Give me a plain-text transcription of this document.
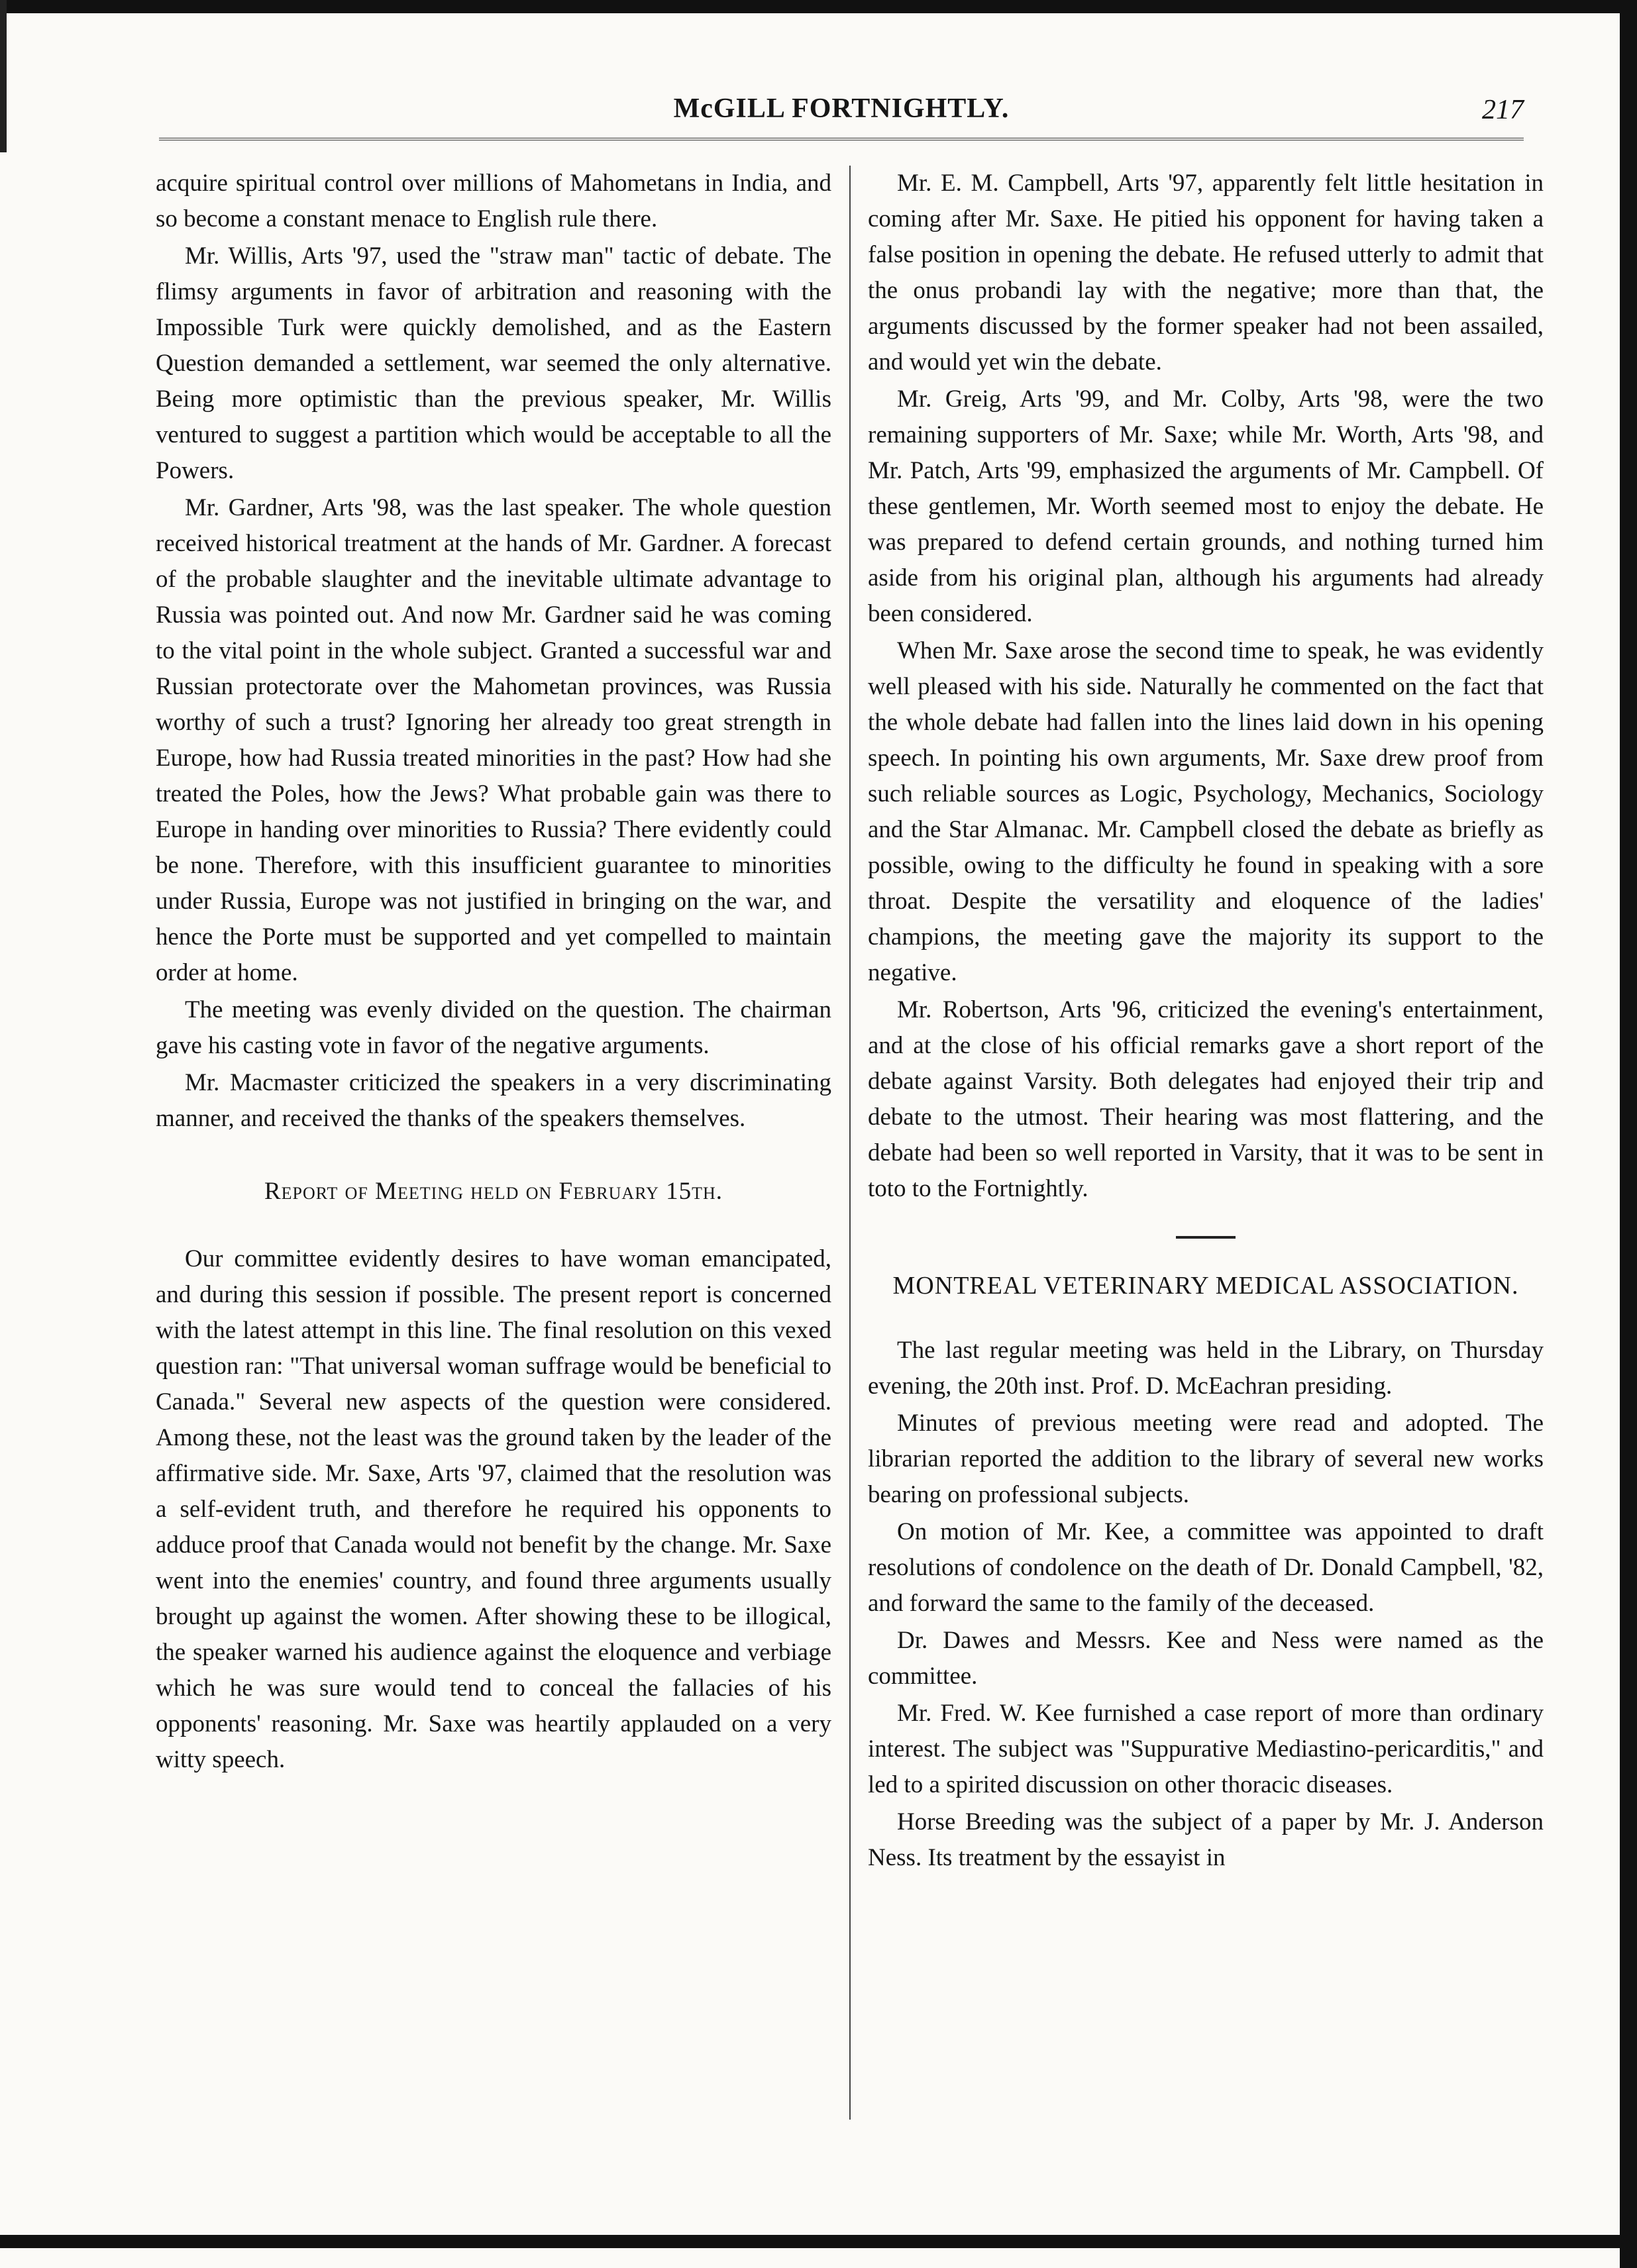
McGILL FORTNIGHTLY.	217

acquire spiritual control over millions of Mahometans in India, and so become a constant menace to English rule there.

Mr. Willis, Arts '97, used the "straw man" tactic of debate. The flimsy arguments in favor of arbitration and reasoning with the Impossible Turk were quickly demolished, and as the Eastern Question demanded a settlement, war seemed the only alternative. Being more optimistic than the previous speaker, Mr. Willis ventured to suggest a partition which would be acceptable to all the Powers.

Mr. Gardner, Arts '98, was the last speaker. The whole question received historical treatment at the hands of Mr. Gardner. A forecast of the probable slaughter and the inevitable ultimate advantage to Russia was pointed out. And now Mr. Gardner said he was coming to the vital point in the whole subject. Granted a successful war and Russian protectorate over the Mahometan provinces, was Russia worthy of such a trust? Ignoring her already too great strength in Europe, how had Russia treated minorities in the past? How had she treated the Poles, how the Jews? What probable gain was there to Europe in handing over minorities to Russia? There evidently could be none. Therefore, with this insufficient guarantee to minorities under Russia, Europe was not justified in bringing on the war, and hence the Porte must be supported and yet compelled to maintain order at home.

The meeting was evenly divided on the question. The chairman gave his casting vote in favor of the negative arguments.

Mr. Macmaster criticized the speakers in a very discriminating manner, and received the thanks of the speakers themselves.

Report of Meeting held on February 15th.

Our committee evidently desires to have woman emancipated, and during this session if possible. The present report is concerned with the latest attempt in this line. The final resolution on this vexed question ran: "That universal woman suffrage would be beneficial to Canada." Several new aspects of the question were considered. Among these, not the least was the ground taken by the leader of the affirmative side. Mr. Saxe, Arts '97, claimed that the resolution was a self-evident truth, and therefore he required his opponents to adduce proof that Canada would not benefit by the change. Mr. Saxe went into the enemies' country, and found three arguments usually brought up against the women. After showing these to be illogical, the speaker warned his audience against the eloquence and verbiage which he was sure would tend to conceal the fallacies of his opponents' reasoning. Mr. Saxe was heartily applauded on a very witty speech.

Mr. E. M. Campbell, Arts '97, apparently felt little hesitation in coming after Mr. Saxe. He pitied his opponent for having taken a false position in opening the debate. He refused utterly to admit that the onus probandi lay with the negative; more than that, the arguments discussed by the former speaker had not been assailed, and would yet win the debate.

Mr. Greig, Arts '99, and Mr. Colby, Arts '98, were the two remaining supporters of Mr. Saxe; while Mr. Worth, Arts '98, and Mr. Patch, Arts '99, emphasized the arguments of Mr. Campbell. Of these gentlemen, Mr. Worth seemed most to enjoy the debate. He was prepared to defend certain grounds, and nothing turned him aside from his original plan, although his arguments had already been considered.

When Mr. Saxe arose the second time to speak, he was evidently well pleased with his side. Naturally he commented on the fact that the whole debate had fallen into the lines laid down in his opening speech. In pointing his own arguments, Mr. Saxe drew proof from such reliable sources as Logic, Psychology, Mechanics, Sociology and the Star Almanac. Mr. Campbell closed the debate as briefly as possible, owing to the difficulty he found in speaking with a sore throat. Despite the versatility and eloquence of the ladies' champions, the meeting gave the majority its support to the negative.

Mr. Robertson, Arts '96, criticized the evening's entertainment, and at the close of his official remarks gave a short report of the debate against Varsity. Both delegates had enjoyed their trip and debate to the utmost. Their hearing was most flattering, and the debate had been so well reported in Varsity, that it was to be sent in toto to the Fortnightly.

MONTREAL VETERINARY MEDICAL ASSOCIATION.

The last regular meeting was held in the Library, on Thursday evening, the 20th inst. Prof. D. McEachran presiding.

Minutes of previous meeting were read and adopted. The librarian reported the addition to the library of several new works bearing on professional subjects.

On motion of Mr. Kee, a committee was appointed to draft resolutions of condolence on the death of Dr. Donald Campbell, '82, and forward the same to the family of the deceased.

Dr. Dawes and Messrs. Kee and Ness were named as the committee.

Mr. Fred. W. Kee furnished a case report of more than ordinary interest. The subject was "Suppurative Mediastino-pericarditis," and led to a spirited discussion on other thoracic diseases.

Horse Breeding was the subject of a paper by Mr. J. Anderson Ness. Its treatment by the essayist in
